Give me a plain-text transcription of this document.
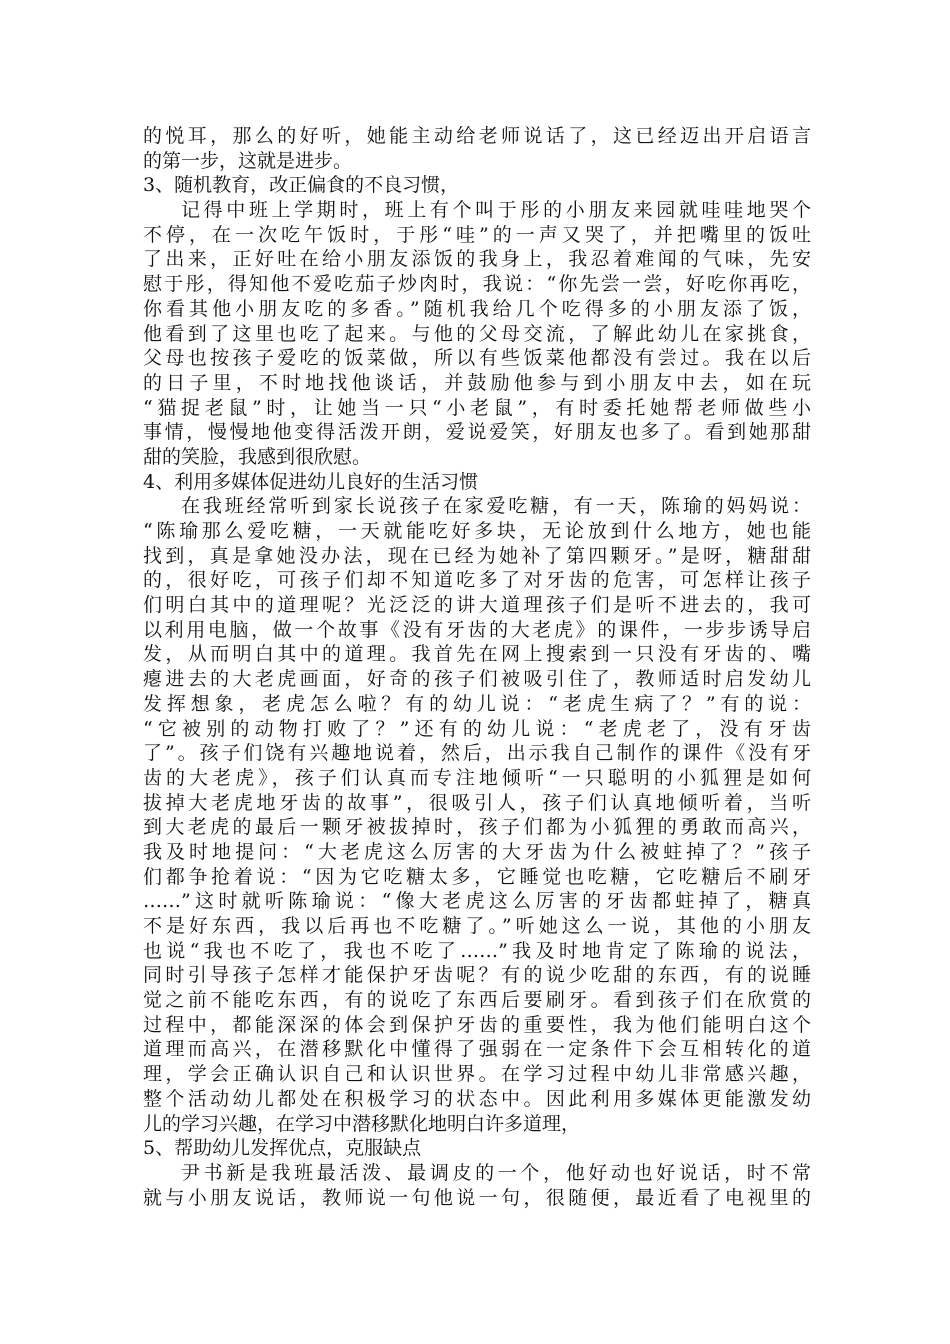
的悦耳，那么的好听，她能主动给老师说话了，这已经迈出开启语言
的第一步，这就是进步。
3、随机教育，改正偏食的不良习惯，
记得中班上学期时，班上有个叫于彤的小朋友来园就哇哇地哭个
不停，在一次吃午饭时，于彤“哇”的一声又哭了，并把嘴里的饭吐
了出来，正好吐在给小朋友添饭的我身上，我忍着难闻的气味，先安
慰于彤，得知他不爱吃茄子炒肉时，我说：“你先尝一尝，好吃你再吃，
你看其他小朋友吃的多香。”随机我给几个吃得多的小朋友添了饭，
他看到了这里也吃了起来。与他的父母交流，了解此幼儿在家挑食，
父母也按孩子爱吃的饭菜做，所以有些饭菜他都没有尝过。我在以后
的日子里，不时地找他谈话，并鼓励他参与到小朋友中去，如在玩
“猫捉老鼠”时，让她当一只“小老鼠”，有时委托她帮老师做些小
事情，慢慢地他变得活泼开朗，爱说爱笑，好朋友也多了。看到她那甜
甜的笑脸，我感到很欣慰。
4、利用多媒体促进幼儿良好的生活习惯
在我班经常听到家长说孩子在家爱吃糖，有一天，陈瑜的妈妈说：
“陈瑜那么爱吃糖，一天就能吃好多块，无论放到什么地方，她也能
找到，真是拿她没办法，现在已经为她补了第四颗牙。”是呀，糖甜甜
的，很好吃，可孩子们却不知道吃多了对牙齿的危害，可怎样让孩子
们明白其中的道理呢？光泛泛的讲大道理孩子们是听不进去的，我可
以利用电脑，做一个故事《没有牙齿的大老虎》的课件，一步步诱导启
发，从而明白其中的道理。我首先在网上搜索到一只没有牙齿的、嘴
瘪进去的大老虎画面，好奇的孩子们被吸引住了，教师适时启发幼儿
发挥想象，老虎怎么啦？有的幼儿说：“老虎生病了？”有的说：
“它被别的动物打败了？”还有的幼儿说：“老虎老了，没有牙齿
了”。孩子们饶有兴趣地说着，然后，出示我自己制作的课件《没有牙
齿的大老虎》，孩子们认真而专注地倾听“一只聪明的小狐狸是如何
拔掉大老虎地牙齿的故事”，很吸引人，孩子们认真地倾听着，当听
到大老虎的最后一颗牙被拔掉时，孩子们都为小狐狸的勇敢而高兴，
我及时地提问：“大老虎这么厉害的大牙齿为什么被蛀掉了？”孩子
们都争抢着说：“因为它吃糖太多，它睡觉也吃糖，它吃糖后不刷牙
……”这时就听陈瑜说：“像大老虎这么厉害的牙齿都蛀掉了，糖真
不是好东西，我以后再也不吃糖了。”听她这么一说，其他的小朋友
也说“我也不吃了，我也不吃了……”我及时地肯定了陈瑜的说法，
同时引导孩子怎样才能保护牙齿呢？有的说少吃甜的东西，有的说睡
觉之前不能吃东西，有的说吃了东西后要刷牙。看到孩子们在欣赏的
过程中，都能深深的体会到保护牙齿的重要性，我为他们能明白这个
道理而高兴，在潜移默化中懂得了强弱在一定条件下会互相转化的道
理，学会正确认识自己和认识世界。在学习过程中幼儿非常感兴趣，
整个活动幼儿都处在积极学习的状态中。因此利用多媒体更能激发幼
儿的学习兴趣，在学习中潜移默化地明白许多道理，
5、帮助幼儿发挥优点，克服缺点
尹书新是我班最活泼、最调皮的一个，他好动也好说话，时不常
就与小朋友说话，教师说一句他说一句，很随便，最近看了电视里的
